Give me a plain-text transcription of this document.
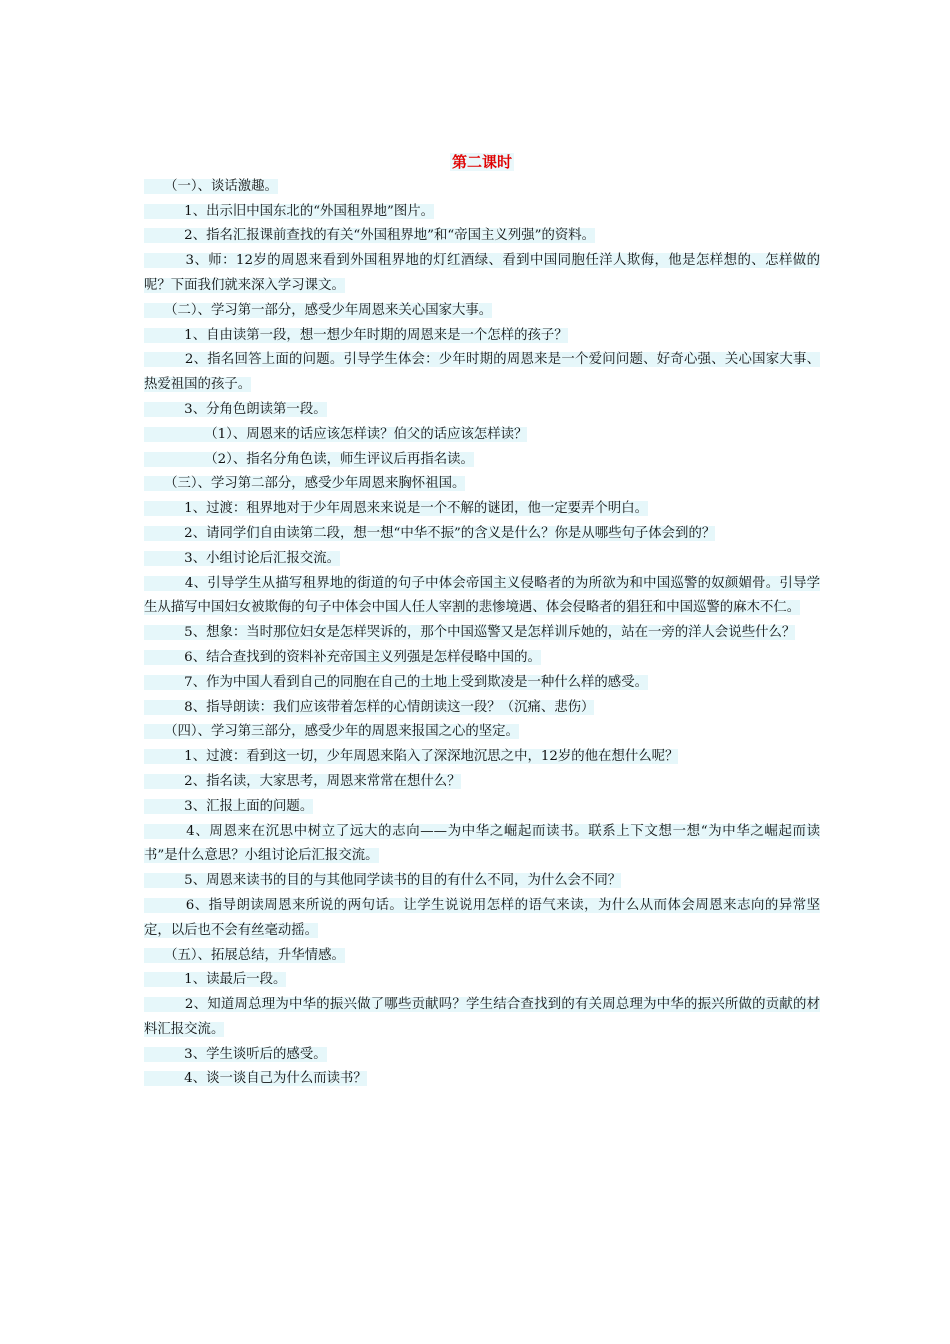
第二课时

　　（一）、谈话激趣。

　　　1、出示旧中国东北的“外国租界地”图片。

　　　2、指名汇报课前查找的有关“外国租界地”和“帝国主义列强”的资料。

　　　3、师：12岁的周恩来看到外国租界地的灯红酒绿、看到中国同胞任洋人欺侮，他是怎样想的、怎样做的呢？下面我们就来深入学习课文。

　　（二）、学习第一部分，感受少年周恩来关心国家大事。

　　　1、自由读第一段，想一想少年时期的周恩来是一个怎样的孩子？

　　　2、指名回答上面的问题。引导学生体会：少年时期的周恩来是一个爱问问题、好奇心强、关心国家大事、热爱祖国的孩子。

　　　3、分角色朗读第一段。

　　　　　（1）、周恩来的话应该怎样读？伯父的话应该怎样读？

　　　　　（2）、指名分角色读，师生评议后再指名读。

　　（三）、学习第二部分，感受少年周恩来胸怀祖国。

　　　1、过渡：租界地对于少年周恩来来说是一个不解的谜团，他一定要弄个明白。

　　　2、请同学们自由读第二段，想一想“中华不振”的含义是什么？你是从哪些句子体会到的？

　　　3、小组讨论后汇报交流。

　　　4、引导学生从描写租界地的街道的句子中体会帝国主义侵略者的为所欲为和中国巡警的奴颜媚骨。引导学生从描写中国妇女被欺侮的句子中体会中国人任人宰割的悲惨境遇、体会侵略者的猖狂和中国巡警的麻木不仁。

　　　5、想象：当时那位妇女是怎样哭诉的，那个中国巡警又是怎样训斥她的，站在一旁的洋人会说些什么？

　　　6、结合查找到的资料补充帝国主义列强是怎样侵略中国的。

　　　7、作为中国人看到自己的同胞在自己的土地上受到欺凌是一种什么样的感受。

　　　8、指导朗读：我们应该带着怎样的心情朗读这一段？（沉痛、悲伤）

　　（四）、学习第三部分，感受少年的周恩来报国之心的坚定。

　　　1、过渡：看到这一切，少年周恩来陷入了深深地沉思之中，12岁的他在想什么呢？

　　　2、指名读，大家思考，周恩来常常在想什么？

　　　3、汇报上面的问题。

　　　4、周恩来在沉思中树立了远大的志向——为中华之崛起而读书。联系上下文想一想“为中华之崛起而读书”是什么意思？小组讨论后汇报交流。

　　　5、周恩来读书的目的与其他同学读书的目的有什么不同，为什么会不同？

　　　6、指导朗读周恩来所说的两句话。让学生说说用怎样的语气来读，为什么从而体会周恩来志向的异常坚定，以后也不会有丝毫动摇。

　　（五）、拓展总结，升华情感。

　　　1、读最后一段。

　　　2、知道周总理为中华的振兴做了哪些贡献吗？学生结合查找到的有关周总理为中华的振兴所做的贡献的材料汇报交流。

　　　3、学生谈听后的感受。

　　　4、谈一谈自己为什么而读书？
